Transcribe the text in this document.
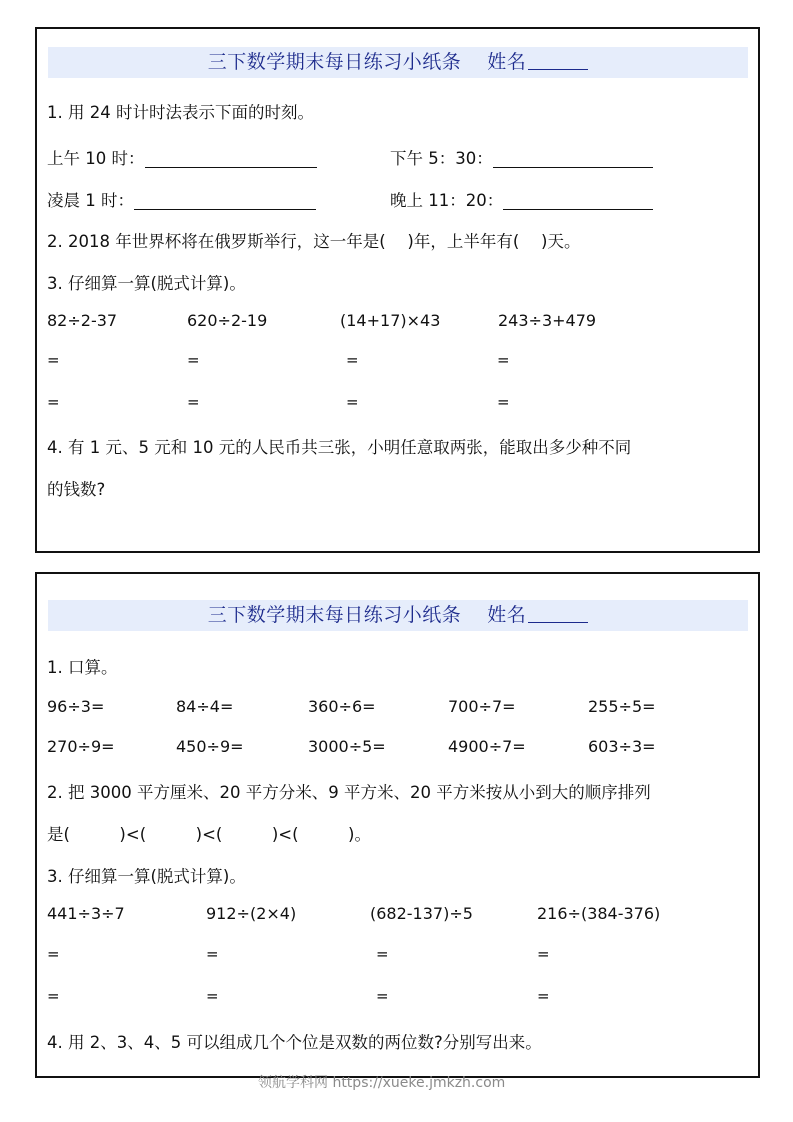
三下数学期末每日练习小纸条 姓名
1. 用 24 时计时法表示下面的时刻。
上午 10 时：	下午 5：30：
凌晨 1 时：	晚上 11：20：
2. 2018 年世界杯将在俄罗斯举行，这一年是(　 )年，上半年有(　 )天。
3. 仔细算一算(脱式计算)。
82÷2-37	620÷2-19	(14+17)×43	243÷3+479
=	=	=	=
=	=	=	=
4. 有 1 元、5 元和 10 元的人民币共三张，小明任意取两张，能取出多少种不同
的钱数?
三下数学期末每日练习小纸条 姓名
1. 口算。
96÷3=	84÷4=	360÷6=	700÷7=	255÷5=
270÷9=	450÷9=	3000÷5=	4900÷7=	603÷3=
2. 把 3000 平方厘米、20 平方分米、9 平方米、20 平方米按从小到大的顺序排列
是(　　　)<(　　　)<(　　　)<(　　　)。
3. 仔细算一算(脱式计算)。
441÷3÷7	912÷(2×4)	(682-137)÷5	216÷(384-376)
=	=	=	=
=	=	=	=
4. 用 2、3、4、5 可以组成几个个位是双数的两位数?分别写出来。
领航学科网 https://xueke.jmkzh.com
